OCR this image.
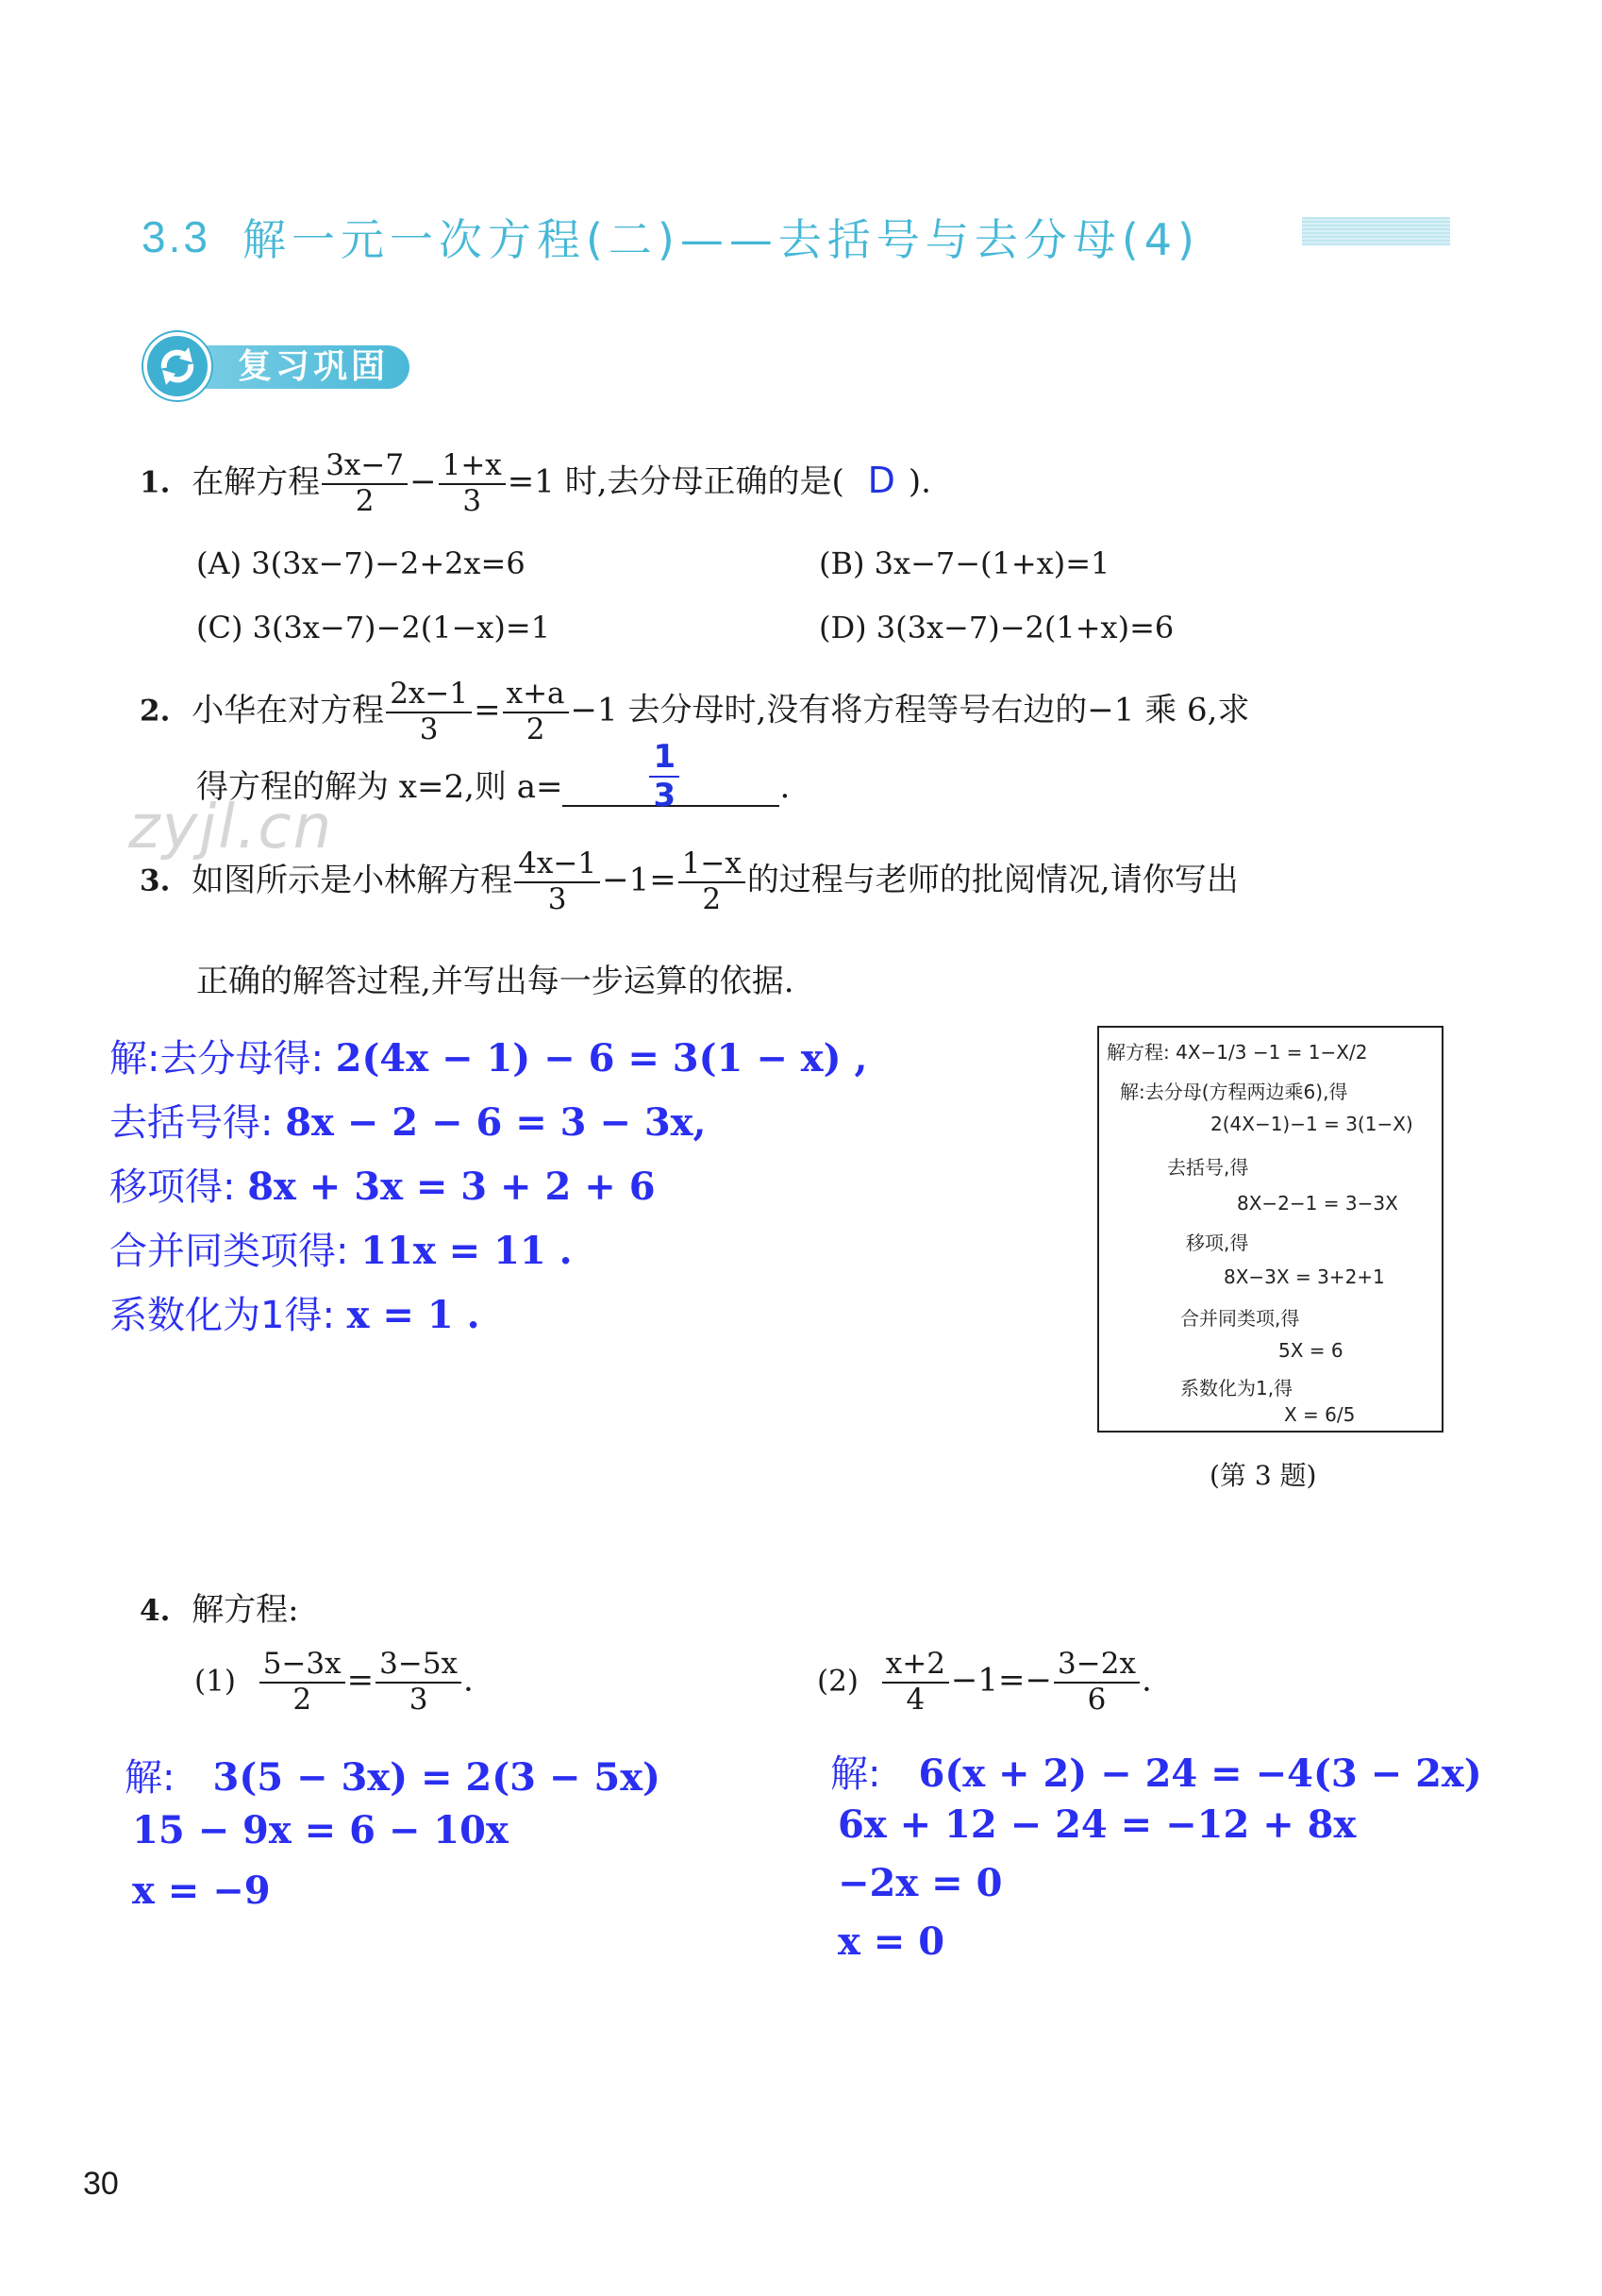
3.3 解一元一次方程(二)——去括号与去分母(4)
复习巩固
1. 在解方程 $\frac{3x-7}{2} - \frac{1+x}{3} =1$ 时,去分母正确的是( D ).
(A) 3(3x−7)−2+2x=6	(B) 3x−7−(1+x)=1
(C) 3(3x−7)−2(1−x)=1	(D) 3(3x−7)−2(1+x)=6
2. 小华在对方程 $\frac{2x-1}{3} = \frac{x+a}{2} -1$ 去分母时,没有将方程等号右边的−1 乘 6,求
得方程的解为 x=2,则 a=	$\frac{1}{3}$	.
zyjl.cn
3. 如图所示是小林解方程 $\frac{4x-1}{3} -1= \frac{1-x}{2}$ 的过程与老师的批阅情况,请你写出
正确的解答过程,并写出每一步运算的依据.
解:去分母得: 2(4x − 1) − 6 = 3(1 − x) ,
去括号得: 8x − 2 − 6 = 3 − 3x,
移项得: 8x + 3x = 3 + 2 + 6
合并同类项得: 11x = 11 .
系数化为1得: x = 1 .
解方程: 4X−1/3 −1 = 1−X/2
解:去分母(方程两边乘6),得
2(4X−1)−1 = 3(1−X)
去括号,得
8X−2−1 = 3−3X
移项,得
8X−3X = 3+2+1
合并同类项,得
5X = 6
系数化为1,得
X = 6/5
(第 3 题)
4. 解方程:
$(1) \frac{5-3x}{2} = \frac{3-5x}{3}$ .	$(2) \frac{x+2}{4} -1=- \frac{3-2x}{6}$ .
解: 3(5 − 3x) = 2(3 − 5x)
15 − 9x = 6 − 10x
x = −9
解: 6(x + 2) − 24 = −4(3 − 2x)
6x + 12 − 24 = −12 + 8x
−2x = 0
x = 0
30
